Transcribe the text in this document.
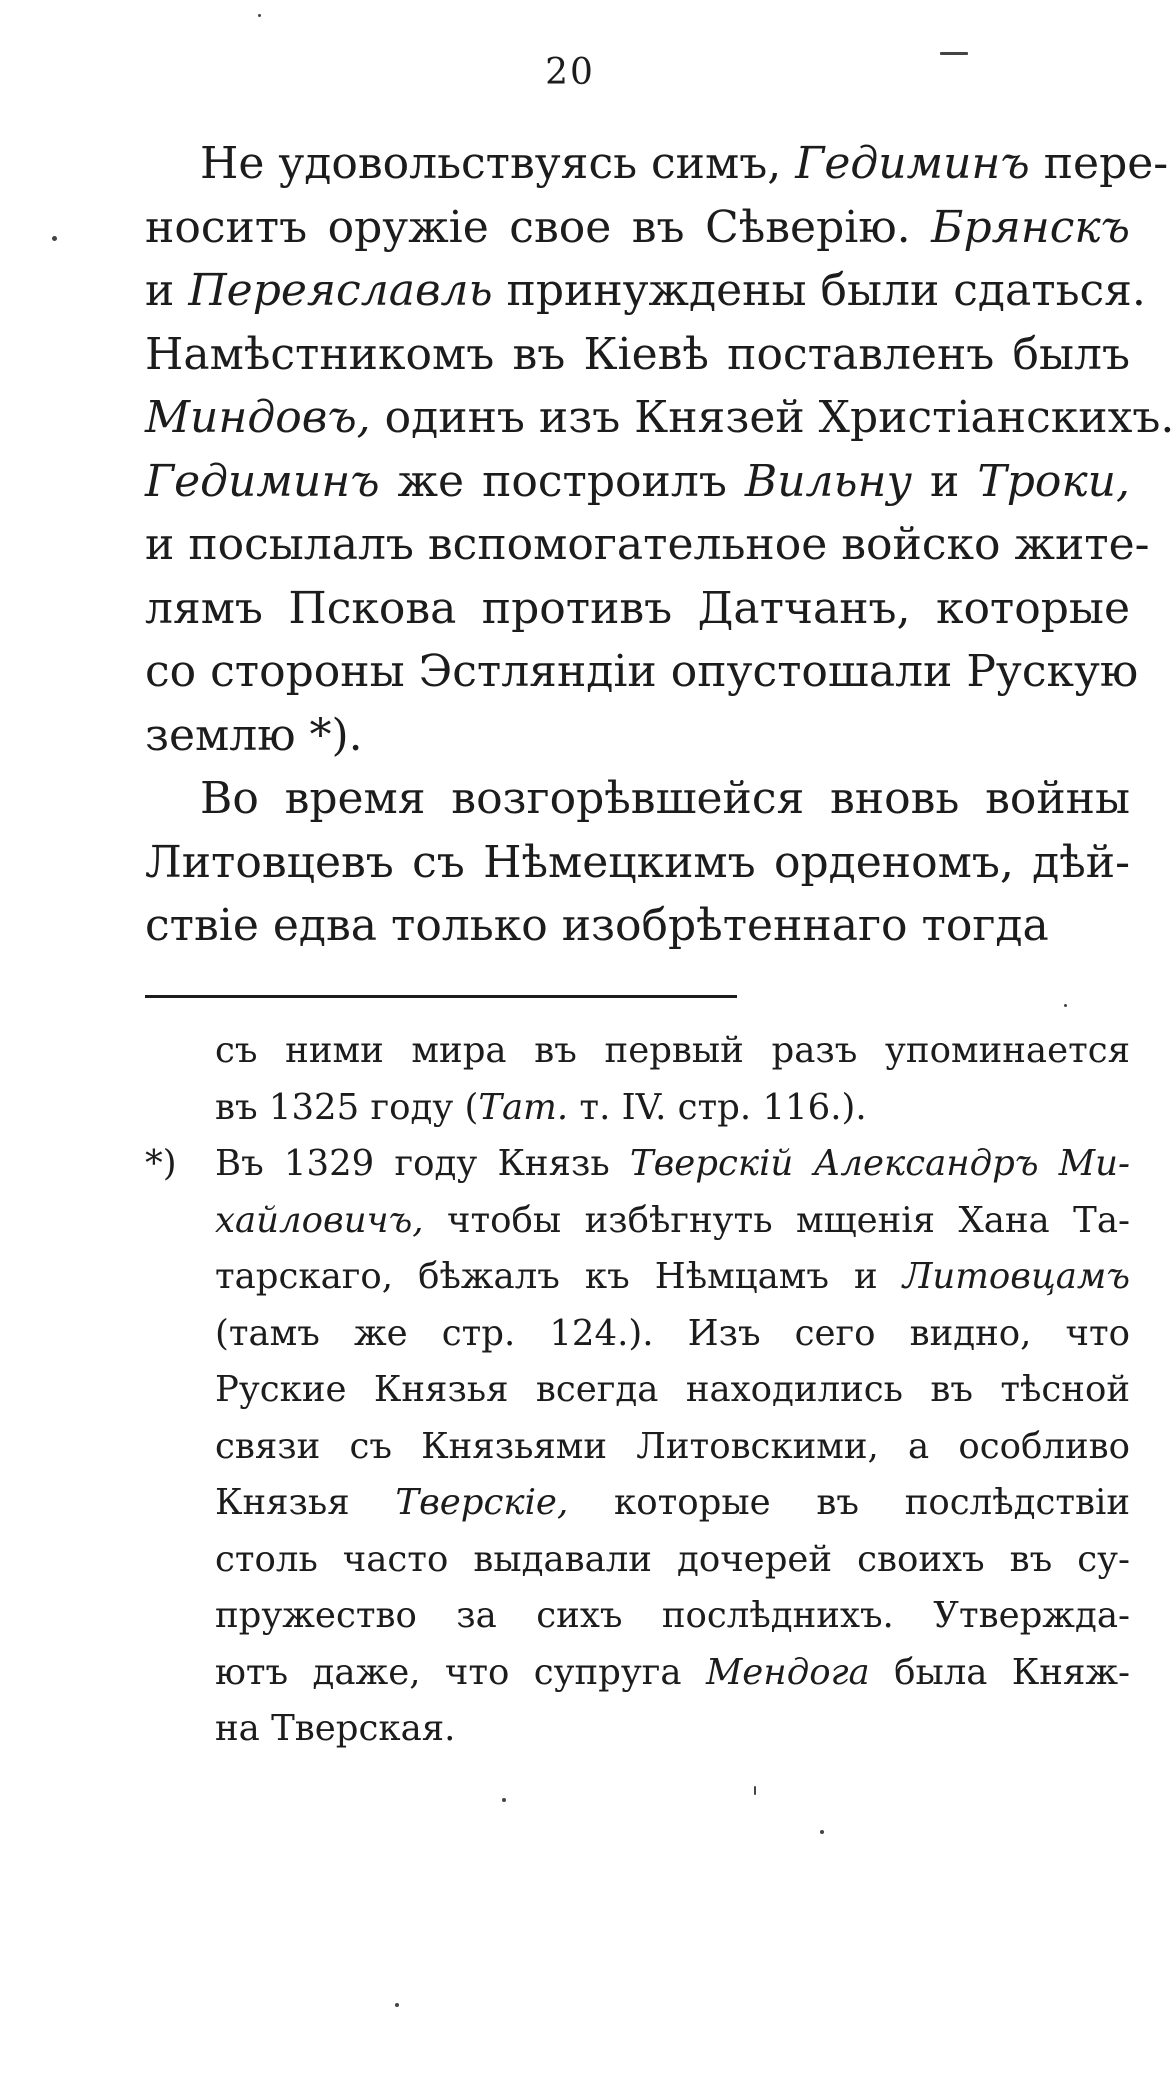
20
Не удовольствуясь симъ, Гедиминъ пере-
носитъ оружіе свое въ Сѣверію. Брянскъ
и Переяславль принуждены были сдаться.
Намѣстникомъ въ Кіевѣ поставленъ былъ
Миндовъ, одинъ изъ Князей Христіанскихъ.
Гедиминъ же построилъ Вильну и Троки,
и посылалъ вспомогательное войско жите-
лямъ Пскова противъ Датчанъ, которые
со стороны Эстляндіи опустошали Рускую
землю *).
Во время возгорѣвшейся вновь войны
Литовцевъ съ Нѣмецкимъ орденомъ, дѣй-
ствіе едва только изобрѣтеннаго тогда
съ ними мира въ первый разъ упоминается
въ 1325 году (Тат. т. IV. стр. 116.).
*) Въ 1329 году Князь Тверскій Александръ Ми-
хайловичъ, чтобы избѣгнуть мщенія Хана Та-
тарскаго, бѣжалъ къ Нѣмцамъ и Литовцамъ
(тамъ же стр. 124.). Изъ сего видно, что
Руские Князья всегда находились въ тѣсной
связи съ Князьями Литовскими, а особливо
Князья Тверскіе, которые въ послѣдствіи
столь часто выдавали дочерей своихъ въ су-
пружество за сихъ послѣднихъ. Утвержда-
ютъ даже, что супруга Мендога была Княж-
на Тверская.
